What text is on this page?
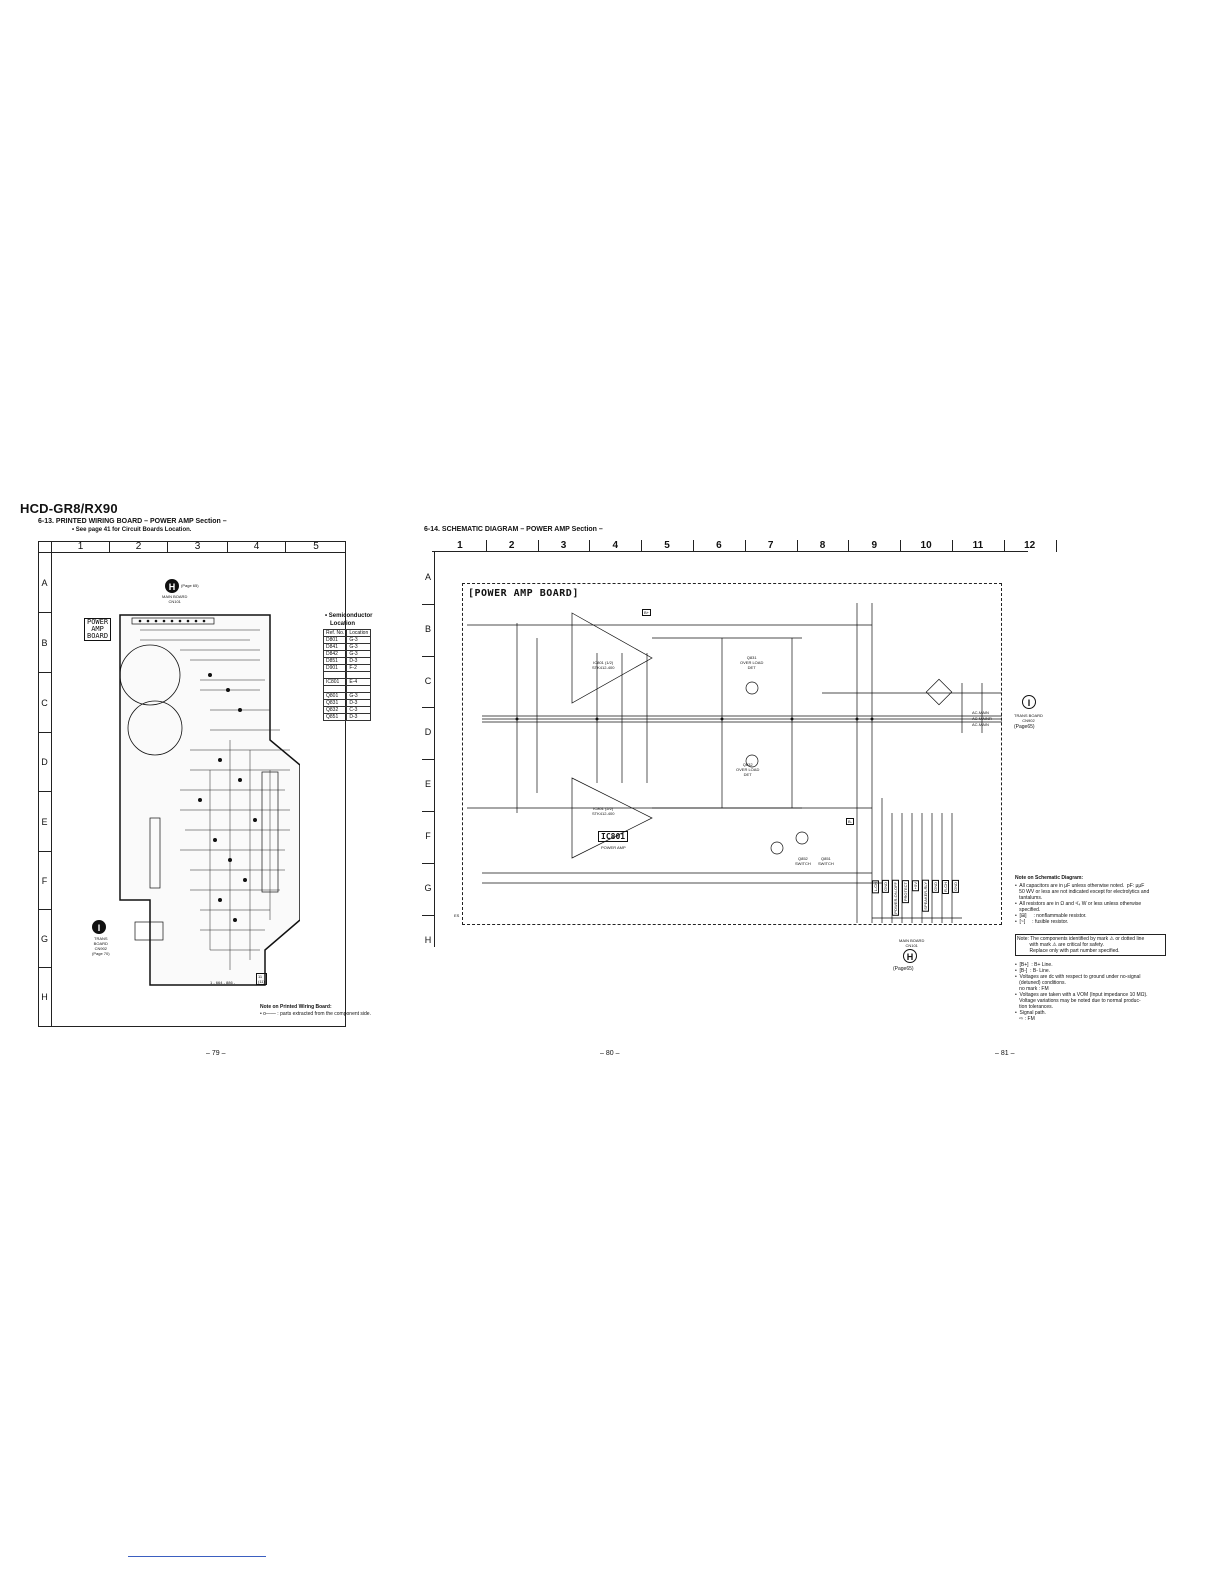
HCD-GR8/RX90
6-13. PRINTED WIRING BOARD – POWER AMP Section –
• See page 41 for Circuit Boards Location.
1	2	3	4	5
A
B
C
D
E
F
G
H
POWER
AMP
BOARD
H	(Page 65)
MAIN BOARD
CN101
I
TRANS
BOARD
CN902
(Page 70)
1 - 664 - 886 -
11
(11)
• Semiconductor
Location
Ref. No.	Location
D801	G-3
D841	G-3
D842	G-3
D851	D-3
D901	F-2

IC801	E-4

Q801	G-3
Q831	D-3
Q832	C-3
Q851	D-3
Note on Printed Wiring Board:
• o—— : parts extracted from the component side.
– 79 –
6-14. SCHEMATIC DIAGRAM – POWER AMP Section –
1	2	3	4	5	6	7	8	9	10	11	12
A
B
C
D
E
F
G
H
[POWER AMP BOARD]
IC801
POWER AMP
IC801 (1/2)
STK412-400
IC801 (2/2)
STK412-400
Q831
OVER LOAD
DET
Q832
OVER LOAD
DET
Q852
SWITCH
Q851
SWITCH
AC-MAIN
AC-MAINR
AC-MAIN
I
TRANS BOARD
CN902
(Page65)
MAIN BOARD
CN101
H
(Page65)
ES
B+
B-
L-CH GND POWER-ON-OFF PROTECT +5V SPEAKER-RLY GND R-CH GND
– 80 –
Note on Schematic Diagram:
•  All capacitors are in μF unless otherwise noted.  pF: μμF
50 WV or less are not indicated except for electrolytics and
tantalums.
•  All resistors are in Ω and ¹/₄ W or less unless otherwise
specified.
•  [⊞]     : nonflammable resistor.
•  [~]     : fusible resistor.
Note: The components identified by mark ⚠ or dotted line
with mark ⚠ are critical for safety.
Replace only with part number specified.
•  [B+]  : B+ Line.
•  [B-]  : B- Line.
•  Voltages are dc with respect to ground under no-signal
(detuned) conditions.
no mark : FM
•  Voltages are taken with a VOM (Input impedance 10 MΩ).
Voltage variations may be noted due to normal produc-
tion tolerances.
•  Signal path.
⇨ : FM
– 81 –
